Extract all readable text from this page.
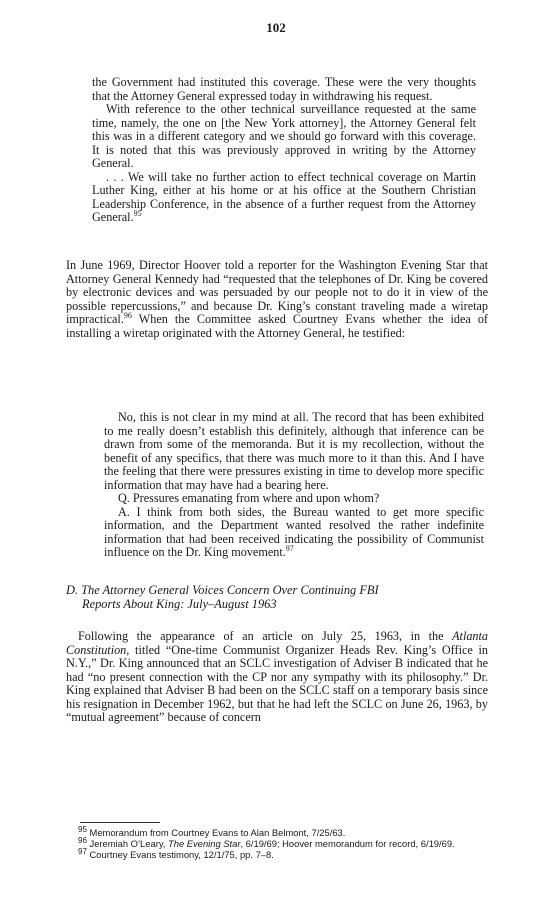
102

the Government had instituted this coverage. These were the very thoughts that the Attorney General expressed today in withdrawing his request.

With reference to the other technical surveillance requested at the same time, namely, the one on [the New York attorney], the Attorney General felt this was in a different category and we should go forward with this coverage. It is noted that this was previously approved in writing by the Attorney General.

. . . We will take no further action to effect technical coverage on Martin Luther King, either at his home or at his office at the Southern Christian Leadership Conference, in the absence of a further request from the Attorney General.$^{95}$

In June 1969, Director Hoover told a reporter for the Washington Evening Star that Attorney General Kennedy had “requested that the telephones of Dr. King be covered by electronic devices and was persuaded by our people not to do it in view of the possible repercussions,” and because Dr. King’s constant traveling made a wiretap impractical.$^{96}$ When the Committee asked Courtney Evans whether the idea of installing a wiretap originated with the Attorney General, he testified:

No, this is not clear in my mind at all. The record that has been exhibited to me really doesn’t establish this definitely, although that inference can be drawn from some of the memoranda. But it is my recollection, without the benefit of any specifics, that there was much more to it than this. And I have the feeling that there were pressures existing in time to develop more specific information that may have had a bearing here.

Q. Pressures emanating from where and upon whom?

A. I think from both sides, the Bureau wanted to get more specific information, and the Department wanted resolved the rather indefinite information that had been received indicating the possibility of Communist influence on the Dr. King movement.$^{97}$

D. The Attorney General Voices Concern Over Continuing FBI
Reports About King: July–August 1963

Following the appearance of an article on July 25, 1963, in the Atlanta Constitution, titled “One-time Communist Organizer Heads Rev. King’s Office in N.Y.,” Dr. King announced that an SCLC investigation of Adviser B indicated that he had “no present connection with the CP nor any sympathy with its philosophy.” Dr. King explained that Adviser B had been on the SCLC staff on a temporary basis since his resignation in December 1962, but that he had left the SCLC on June 26, 1963, by “mutual agreement” because of concern

95 Memorandum from Courtney Evans to Alan Belmont, 7/25/63.
96 Jeremiah O’Leary, The Evening Star, 6/19/69; Hoover memorandum for record, 6/19/69.
97 Courtney Evans testimony, 12/1/75, pp. 7–8.
